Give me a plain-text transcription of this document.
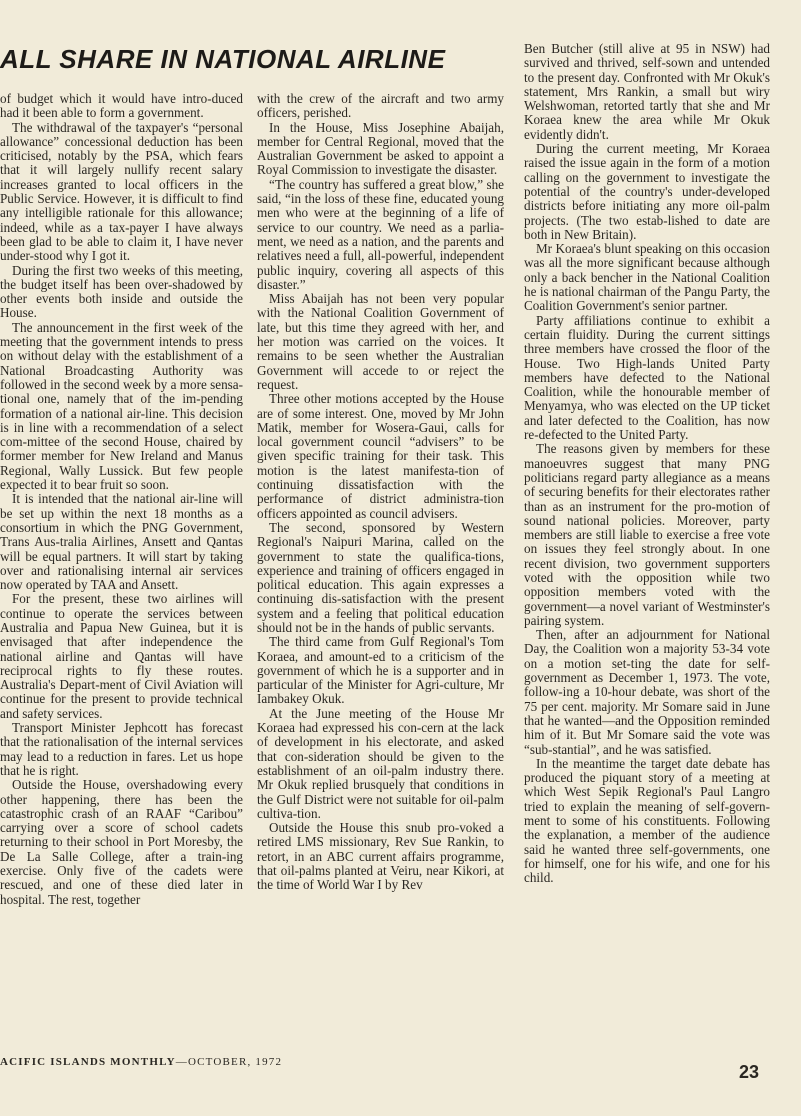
ALL SHARE IN NATIONAL AIRLINE

of budget which it would have intro-duced had it been able to form a government.

The withdrawal of the taxpayer's “personal allowance” concessional deduction has been criticised, notably by the PSA, which fears that it will largely nullify recent salary increases granted to local officers in the Public Service. However, it is difficult to find any intelligible rationale for this allowance; indeed, while as a tax-payer I have always been glad to be able to claim it, I have never under-stood why I got it.

During the first two weeks of this meeting, the budget itself has been over-shadowed by other events both inside and outside the House.

The announcement in the first week of the meeting that the government intends to press on without delay with the establishment of a National Broadcasting Authority was followed in the second week by a more sensa-tional one, namely that of the im-pending formation of a national air-line. This decision is in line with a recommendation of a select com-mittee of the second House, chaired by former member for New Ireland and Manus Regional, Wally Lussick. But few people expected it to bear fruit so soon.

It is intended that the national air-line will be set up within the next 18 months as a consortium in which the PNG Government, Trans Aus-tralia Airlines, Ansett and Qantas will be equal partners. It will start by taking over and rationalising internal air services now operated by TAA and Ansett.

For the present, these two airlines will continue to operate the services between Australia and Papua New Guinea, but it is envisaged that after independence the national airline and Qantas will have reciprocal rights to fly these routes. Australia's Depart-ment of Civil Aviation will continue for the present to provide technical and safety services.

Transport Minister Jephcott has forecast that the rationalisation of the internal services may lead to a reduction in fares. Let us hope that he is right.

Outside the House, overshadowing every other happening, there has been the catastrophic crash of an RAAF “Caribou” carrying over a score of school cadets returning to their school in Port Moresby, the De La Salle College, after a train-ing exercise. Only five of the cadets were rescued, and one of these died later in hospital. The rest, together

with the crew of the aircraft and two army officers, perished.

In the House, Miss Josephine Abaijah, member for Central Regional, moved that the Australian Government be asked to appoint a Royal Commission to investigate the disaster.

“The country has suffered a great blow,” she said, “in the loss of these fine, educated young men who were at the beginning of a life of service to our country. We need as a parlia-ment, we need as a nation, and the parents and relatives need a full, all-powerful, independent public inquiry, covering all aspects of this disaster.”

Miss Abaijah has not been very popular with the National Coalition Government of late, but this time they agreed with her, and her motion was carried on the voices. It remains to be seen whether the Australian Government will accede to or reject the request.

Three other motions accepted by the House are of some interest. One, moved by Mr John Matik, member for Wosera-Gaui, calls for local government council “advisers” to be given specific training for their task. This motion is the latest manifesta-tion of continuing dissatisfaction with the performance of district administra-tion officers appointed as council advisers.

The second, sponsored by Western Regional's Naipuri Marina, called on the government to state the qualifica-tions, experience and training of officers engaged in political education. This again expresses a continuing dis-satisfaction with the present system and a feeling that political education should not be in the hands of public servants.

The third came from Gulf Regional's Tom Koraea, and amount-ed to a criticism of the government of which he is a supporter and in particular of the Minister for Agri-culture, Mr Iambakey Okuk.

At the June meeting of the House Mr Koraea had expressed his con-cern at the lack of development in his electorate, and asked that con-sideration should be given to the establishment of an oil-palm industry there. Mr Okuk replied brusquely that conditions in the Gulf District were not suitable for oil-palm cultiva-tion.

Outside the House this snub pro-voked a retired LMS missionary, Rev Sue Rankin, to retort, in an ABC current affairs programme, that oil-palms planted at Veiru, near Kikori, at the time of World War I by Rev

Ben Butcher (still alive at 95 in NSW) had survived and thrived, self-sown and untended to the present day. Confronted with Mr Okuk's statement, Mrs Rankin, a small but wiry Welshwoman, retorted tartly that she and Mr Koraea knew the area while Mr Okuk evidently didn't.

During the current meeting, Mr Koraea raised the issue again in the form of a motion calling on the government to investigate the potential of the country's under-developed districts before initiating any more oil-palm projects. (The two estab-lished to date are both in New Britain).

Mr Koraea's blunt speaking on this occasion was all the more significant because although only a back bencher in the National Coalition he is national chairman of the Pangu Party, the Coalition Government's senior partner.

Party affiliations continue to exhibit a certain fluidity. During the current sittings three members have crossed the floor of the House. Two High-lands United Party members have defected to the National Coalition, while the honourable member of Menyamya, who was elected on the UP ticket and later defected to the Coalition, has now re-defected to the United Party.

The reasons given by members for these manoeuvres suggest that many PNG politicians regard party allegiance as a means of securing benefits for their electorates rather than as an instrument for the pro-motion of sound national policies. Moreover, party members are still liable to exercise a free vote on issues they feel strongly about. In one recent division, two government supporters voted with the opposition while two opposition members voted with the government—a novel variant of Westminster's pairing system.

Then, after an adjournment for National Day, the Coalition won a majority 53-34 vote on a motion set-ting the date for self-government as December 1, 1973. The vote, follow-ing a 10-hour debate, was short of the 75 per cent. majority. Mr Somare said in June that he wanted—and the Opposition reminded him of it. But Mr Somare said the vote was “sub-stantial”, and he was satisfied.

In the meantime the target date debate has produced the piquant story of a meeting at which West Sepik Regional's Paul Langro tried to explain the meaning of self-govern-ment to some of his constituents. Following the explanation, a member of the audience said he wanted three self-governments, one for himself, one for his wife, and one for his child.

ACIFIC ISLANDS MONTHLY—OCTOBER, 1972	23
